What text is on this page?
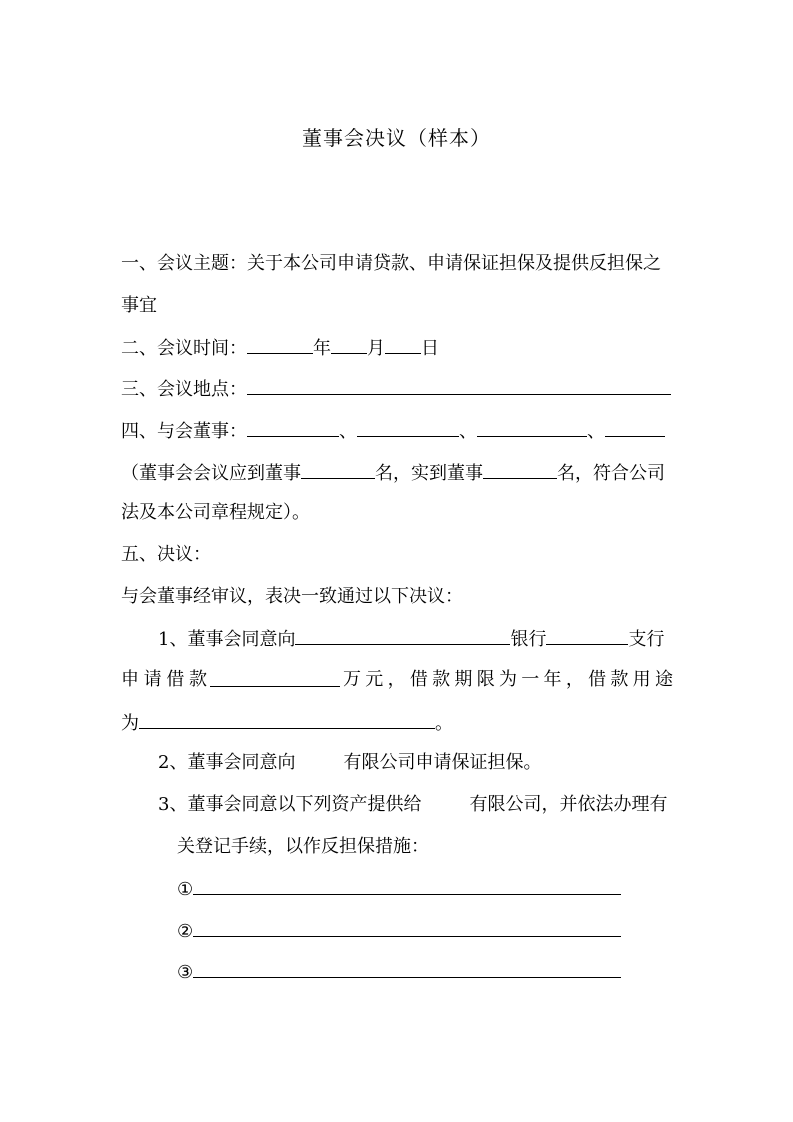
董事会决议（样本）
一、会议主题：关于本公司申请贷款、申请保证担保及提供反担保之
事宜
二、会议时间：	年 月 日
三、会议地点：
四、与会董事：	、	、	、
（董事会会议应到董事	名，实到董事	名，符合公司
法及本公司章程规定）。
五、决议：
与会董事经审议，表决一致通过以下决议：
1、董事会同意向	银行	支行
申 请 借 款	万 元 ， 借 款 期 限 为 一 年 ， 借 款 用 途
为	。
2、董事会同意向	有限公司申请保证担保。
3、董事会同意以下列资产提供给	有限公司，并依法办理有
关登记手续，以作反担保措施：
①
②
③
